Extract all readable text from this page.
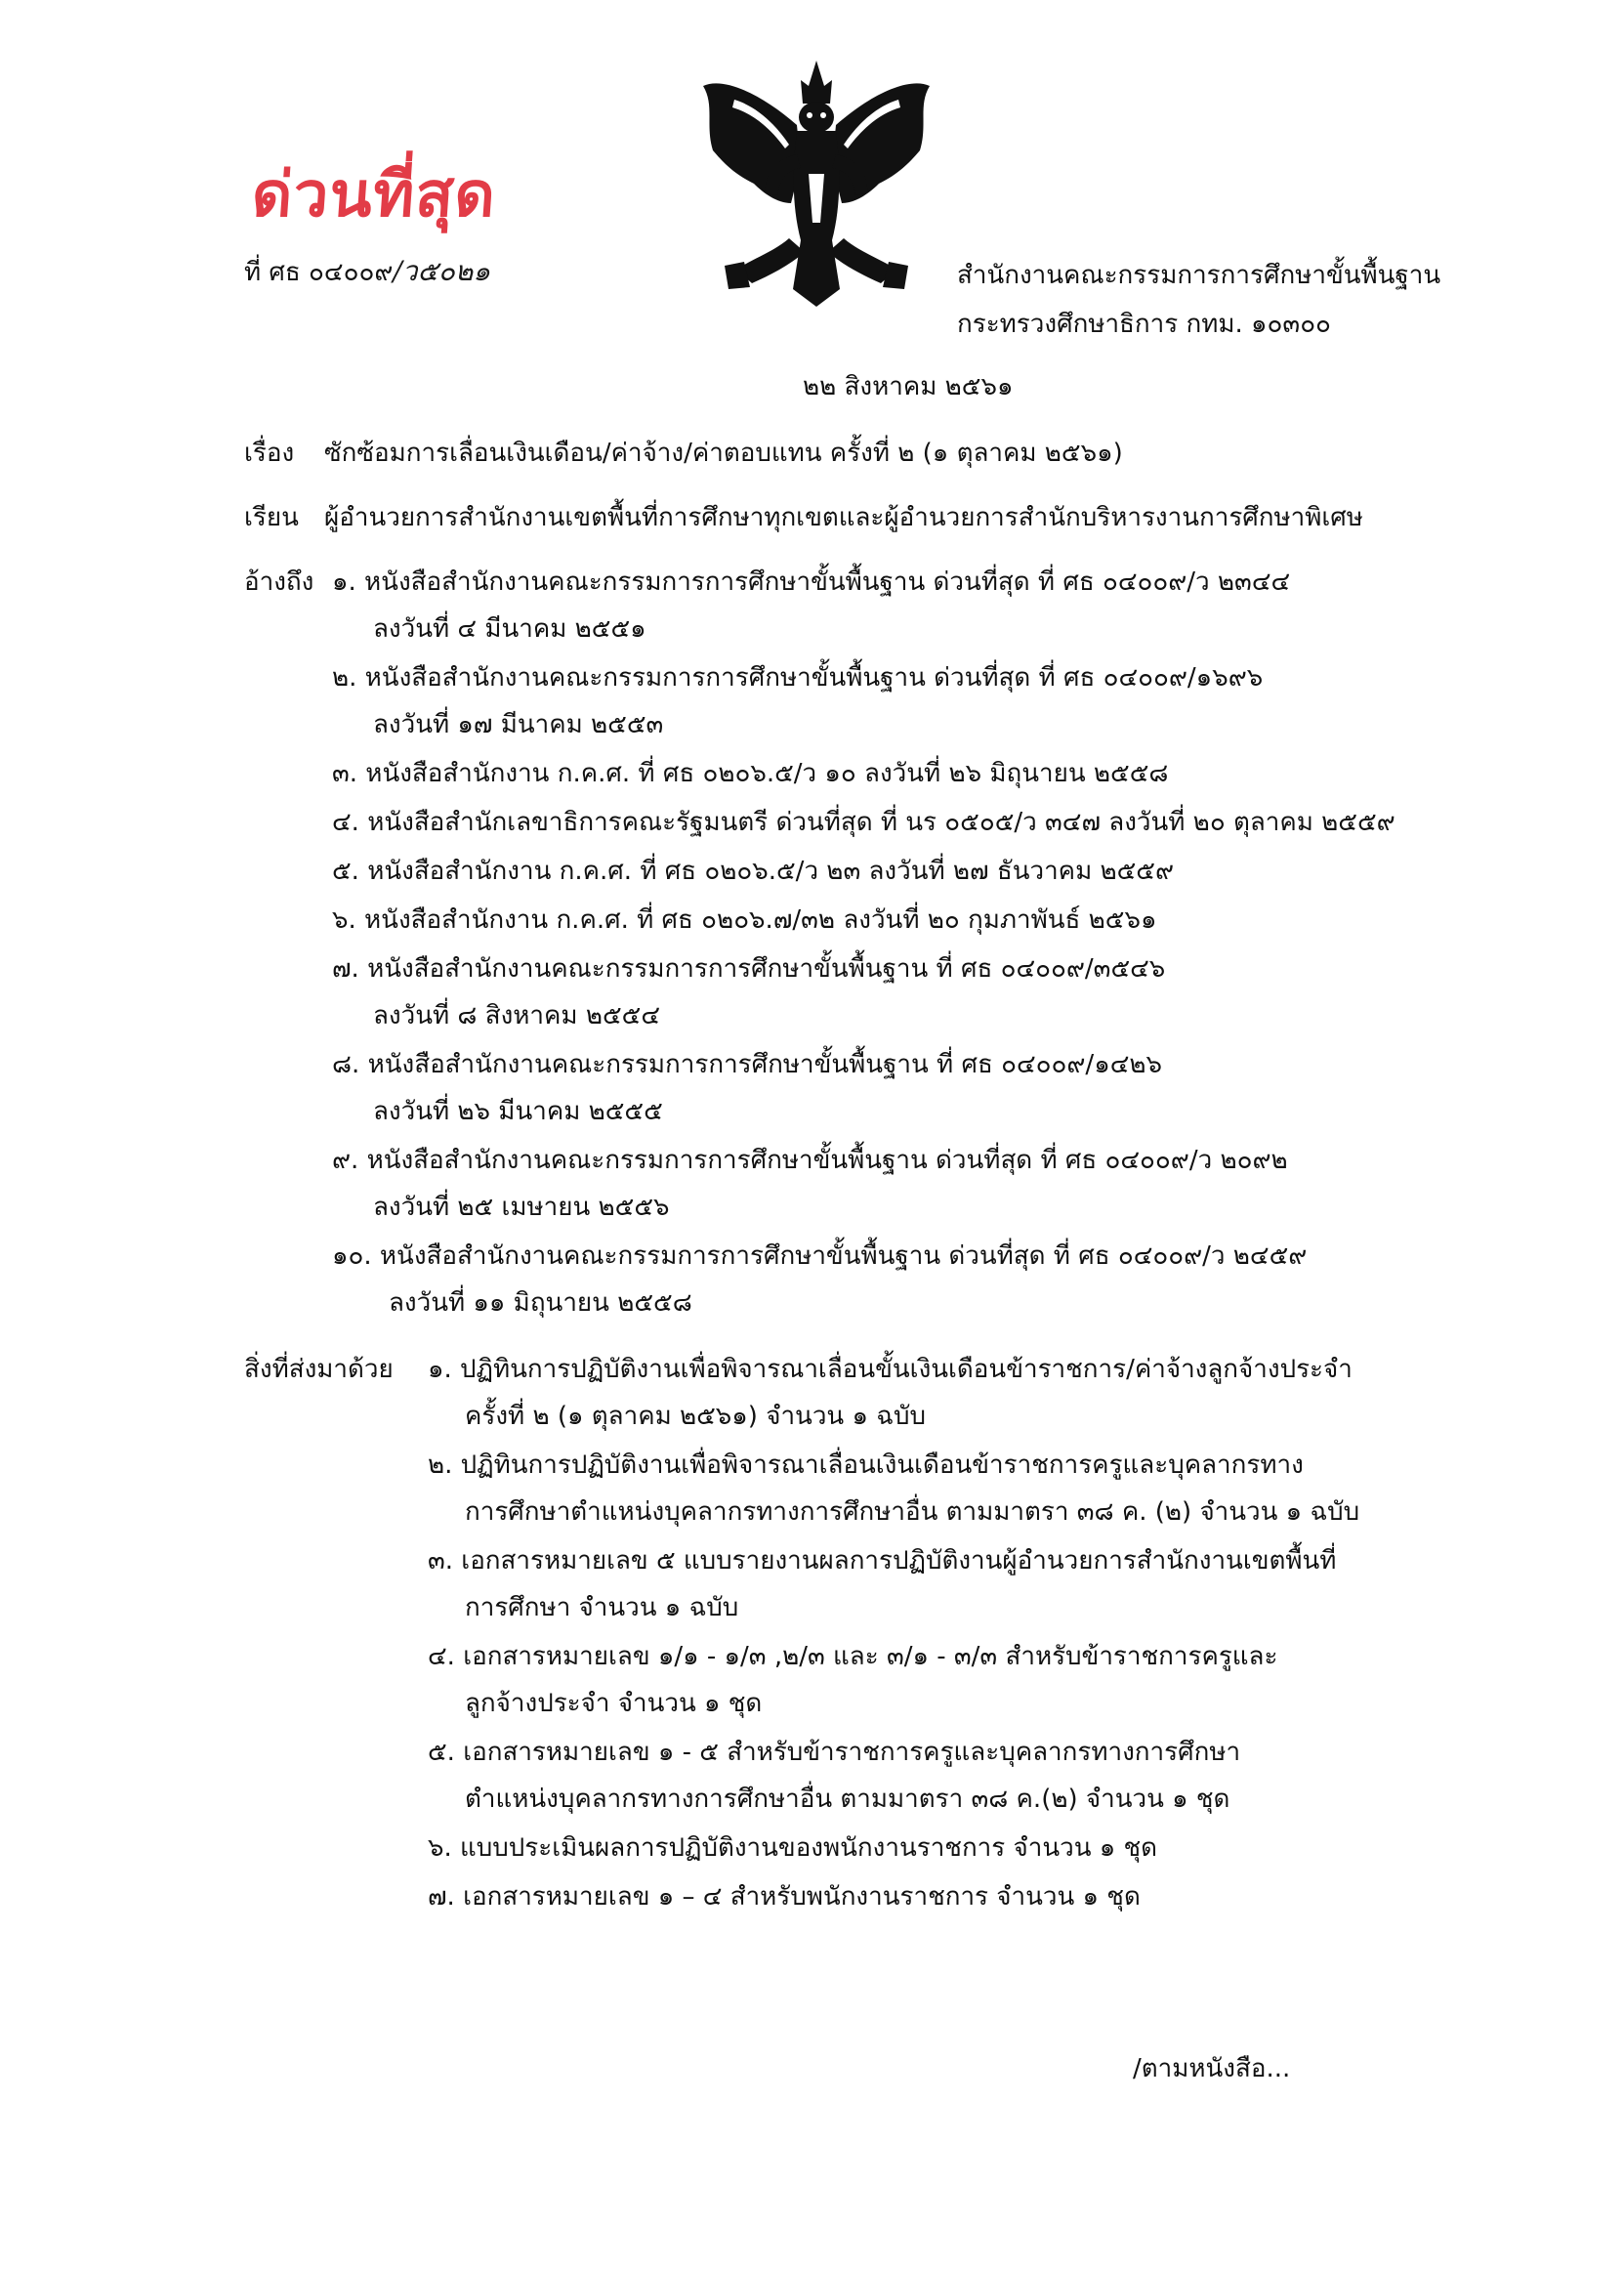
ด่วนที่สุด
ที่ ศธ ๐๔๐๐๙/ว๕๐๒๑	สำนักงานคณะกรรมการการศึกษาขั้นพื้นฐาน
กระทรวงศึกษาธิการ กทม. ๑๐๓๐๐
๒๒ สิงหาคม ๒๕๖๑
เรื่อง ซักซ้อมการเลื่อนเงินเดือน/ค่าจ้าง/ค่าตอบแทน ครั้งที่ ๒ (๑ ตุลาคม ๒๕๖๑)
เรียน ผู้อำนวยการสำนักงานเขตพื้นที่การศึกษาทุกเขตและผู้อำนวยการสำนักบริหารงานการศึกษาพิเศษ
อ้างถึง ๑. หนังสือสำนักงานคณะกรรมการการศึกษาขั้นพื้นฐาน ด่วนที่สุด ที่ ศธ ๐๔๐๐๙/ว ๒๓๔๔
ลงวันที่ ๔ มีนาคม ๒๕๕๑
๒. หนังสือสำนักงานคณะกรรมการการศึกษาขั้นพื้นฐาน ด่วนที่สุด ที่ ศธ ๐๔๐๐๙/๑๖๙๖
ลงวันที่ ๑๗ มีนาคม ๒๕๕๓
๓. หนังสือสำนักงาน ก.ค.ศ. ที่ ศธ ๐๒๐๖.๕/ว ๑๐ ลงวันที่ ๒๖ มิถุนายน ๒๕๕๘
๔. หนังสือสำนักเลขาธิการคณะรัฐมนตรี ด่วนที่สุด ที่ นร ๐๕๐๕/ว ๓๔๗ ลงวันที่ ๒๐ ตุลาคม ๒๕๕๙
๕. หนังสือสำนักงาน ก.ค.ศ. ที่ ศธ ๐๒๐๖.๕/ว ๒๓ ลงวันที่ ๒๗ ธันวาคม ๒๕๕๙
๖. หนังสือสำนักงาน ก.ค.ศ. ที่ ศธ ๐๒๐๖.๗/๓๒ ลงวันที่ ๒๐ กุมภาพันธ์ ๒๕๖๑
๗. หนังสือสำนักงานคณะกรรมการการศึกษาขั้นพื้นฐาน ที่ ศธ ๐๔๐๐๙/๓๕๔๖
ลงวันที่ ๘ สิงหาคม ๒๕๕๔
๘. หนังสือสำนักงานคณะกรรมการการศึกษาขั้นพื้นฐาน ที่ ศธ ๐๔๐๐๙/๑๔๒๖
ลงวันที่ ๒๖ มีนาคม ๒๕๕๕
๙. หนังสือสำนักงานคณะกรรมการการศึกษาขั้นพื้นฐาน ด่วนที่สุด ที่ ศธ ๐๔๐๐๙/ว ๒๐๙๒
ลงวันที่ ๒๕ เมษายน ๒๕๕๖
๑๐. หนังสือสำนักงานคณะกรรมการการศึกษาขั้นพื้นฐาน ด่วนที่สุด ที่ ศธ ๐๔๐๐๙/ว ๒๔๕๙
ลงวันที่ ๑๑ มิถุนายน ๒๕๕๘
สิ่งที่ส่งมาด้วย ๑. ปฏิทินการปฏิบัติงานเพื่อพิจารณาเลื่อนขั้นเงินเดือนข้าราชการ/ค่าจ้างลูกจ้างประจำ
ครั้งที่ ๒ (๑ ตุลาคม ๒๕๖๑) จำนวน ๑ ฉบับ
๒. ปฏิทินการปฏิบัติงานเพื่อพิจารณาเลื่อนเงินเดือนข้าราชการครูและบุคลากรทาง
การศึกษาตำแหน่งบุคลากรทางการศึกษาอื่น ตามมาตรา ๓๘ ค. (๒) จำนวน ๑ ฉบับ
๓. เอกสารหมายเลข ๕ แบบรายงานผลการปฏิบัติงานผู้อำนวยการสำนักงานเขตพื้นที่
การศึกษา จำนวน ๑ ฉบับ
๔. เอกสารหมายเลข ๑/๑ - ๑/๓ ,๒/๓ และ ๓/๑ - ๓/๓ สำหรับข้าราชการครูและ
ลูกจ้างประจำ จำนวน ๑ ชุด
๕. เอกสารหมายเลข ๑ - ๕ สำหรับข้าราชการครูและบุคลากรทางการศึกษา
ตำแหน่งบุคลากรทางการศึกษาอื่น ตามมาตรา ๓๘ ค.(๒) จำนวน ๑ ชุด
๖. แบบประเมินผลการปฏิบัติงานของพนักงานราชการ จำนวน ๑ ชุด
๗. เอกสารหมายเลข ๑ – ๔ สำหรับพนักงานราชการ จำนวน ๑ ชุด
/ตามหนังสือ...
